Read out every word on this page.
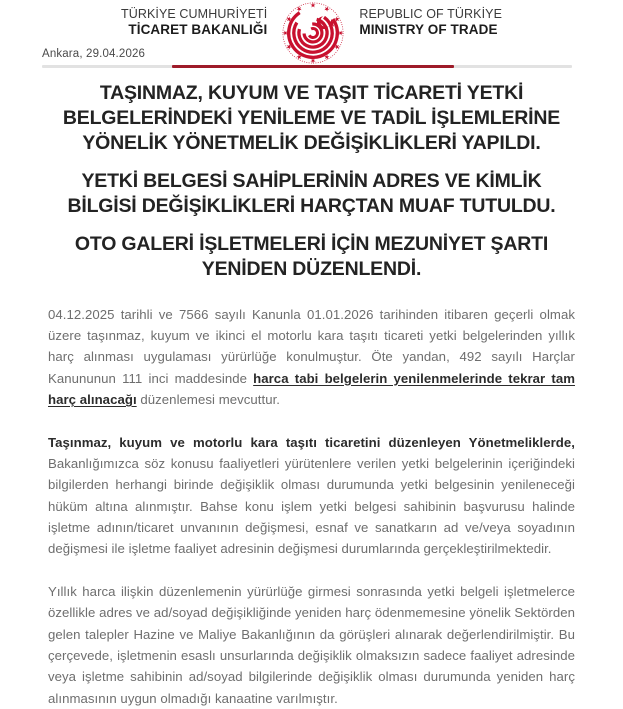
TÜRKİYE CUMHURİYETİ
TİCARET BAKANLIĞI
REPUBLIC OF TÜRKİYE
MINISTRY OF TRADE
Ankara, 29.04.2026
TAŞINMAZ, KUYUM VE TAŞIT TİCARETİ YETKİ BELGELERİNDEKİ YENİLEME VE TADİL İŞLEMLERİNE YÖNELİK YÖNETMELİK DEĞİŞİKLİKLERİ YAPILDI.
YETKİ BELGESİ SAHİPLERİNİN ADRES VE KİMLİK BİLGİSİ DEĞİŞİKLİKLERİ HARÇTAN MUAF TUTULDU.
OTO GALERİ İŞLETMELERİ İÇİN MEZUNİYET ŞARTI YENİDEN DÜZENLENDİ.

04.12.2025 tarihli ve 7566 sayılı Kanunla 01.01.2026 tarihinden itibaren geçerli olmak üzere taşınmaz, kuyum ve ikinci el motorlu kara taşıtı ticareti yetki belgelerinden yıllık harç alınması uygulaması yürürlüğe konulmuştur. Öte yandan, 492 sayılı Harçlar Kanununun 111 inci maddesinde harca tabi belgelerin yenilenmelerinde tekrar tam harç alınacağı düzenlemesi mevcuttur.

Taşınmaz, kuyum ve motorlu kara taşıtı ticaretini düzenleyen Yönetmeliklerde, Bakanlığımızca söz konusu faaliyetleri yürütenlere verilen yetki belgelerinin içeriğindeki bilgilerden herhangi birinde değişiklik olması durumunda yetki belgesinin yenileneceği hüküm altına alınmıştır. Bahse konu işlem yetki belgesi sahibinin başvurusu halinde işletme adının/ticaret unvanının değişmesi, esnaf ve sanatkarın ad ve/veya soyadının değişmesi ile işletme faaliyet adresinin değişmesi durumlarında gerçekleştirilmektedir.

Yıllık harca ilişkin düzenlemenin yürürlüğe girmesi sonrasında yetki belgeli işletmelerce özellikle adres ve ad/soyad değişikliğinde yeniden harç ödenmemesine yönelik Sektörden gelen talepler Hazine ve Maliye Bakanlığının da görüşleri alınarak değerlendirilmiştir. Bu çerçevede, işletmenin esaslı unsurlarında değişiklik olmaksızın sadece faaliyet adresinde veya işletme sahibinin ad/soyad bilgilerinde değişiklik olması durumunda yeniden harç alınmasının uygun olmadığı kanaatine varılmıştır.
